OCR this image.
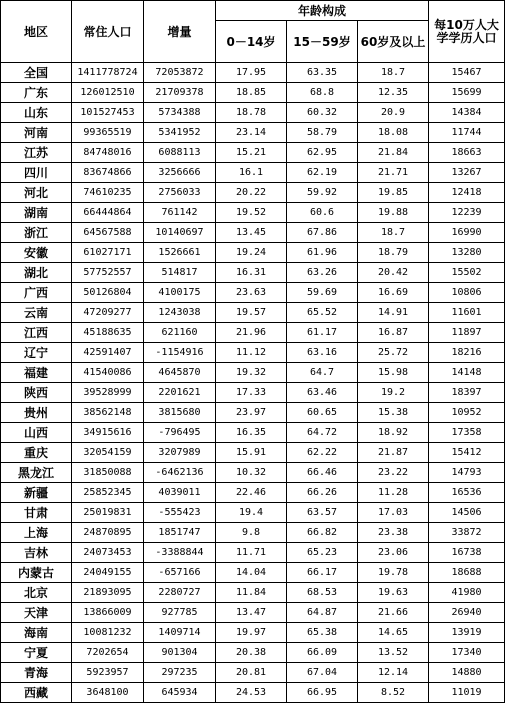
地区	常住人口	增量	年龄构成			每10万人大学学历人口
			0－14岁	15－59岁	60岁及以上	
全国	1411778724	72053872	17.95	63.35	18.7	15467
广东	126012510	21709378	18.85	68.8	12.35	15699
山东	101527453	5734388	18.78	60.32	20.9	14384
河南	99365519	5341952	23.14	58.79	18.08	11744
江苏	84748016	6088113	15.21	62.95	21.84	18663
四川	83674866	3256666	16.1	62.19	21.71	13267
河北	74610235	2756033	20.22	59.92	19.85	12418
湖南	66444864	761142	19.52	60.6	19.88	12239
浙江	64567588	10140697	13.45	67.86	18.7	16990
安徽	61027171	1526661	19.24	61.96	18.79	13280
湖北	57752557	514817	16.31	63.26	20.42	15502
广西	50126804	4100175	23.63	59.69	16.69	10806
云南	47209277	1243038	19.57	65.52	14.91	11601
江西	45188635	621160	21.96	61.17	16.87	11897
辽宁	42591407	-1154916	11.12	63.16	25.72	18216
福建	41540086	4645870	19.32	64.7	15.98	14148
陕西	39528999	2201621	17.33	63.46	19.2	18397
贵州	38562148	3815680	23.97	60.65	15.38	10952
山西	34915616	-796495	16.35	64.72	18.92	17358
重庆	32054159	3207989	15.91	62.22	21.87	15412
黑龙江	31850088	-6462136	10.32	66.46	23.22	14793
新疆	25852345	4039011	22.46	66.26	11.28	16536
甘肃	25019831	-555423	19.4	63.57	17.03	14506
上海	24870895	1851747	9.8	66.82	23.38	33872
吉林	24073453	-3388844	11.71	65.23	23.06	16738
内蒙古	24049155	-657166	14.04	66.17	19.78	18688
北京	21893095	2280727	11.84	68.53	19.63	41980
天津	13866009	927785	13.47	64.87	21.66	26940
海南	10081232	1409714	19.97	65.38	14.65	13919
宁夏	7202654	901304	20.38	66.09	13.52	17340
青海	5923957	297235	20.81	67.04	12.14	14880
西藏	3648100	645934	24.53	66.95	8.52	11019
